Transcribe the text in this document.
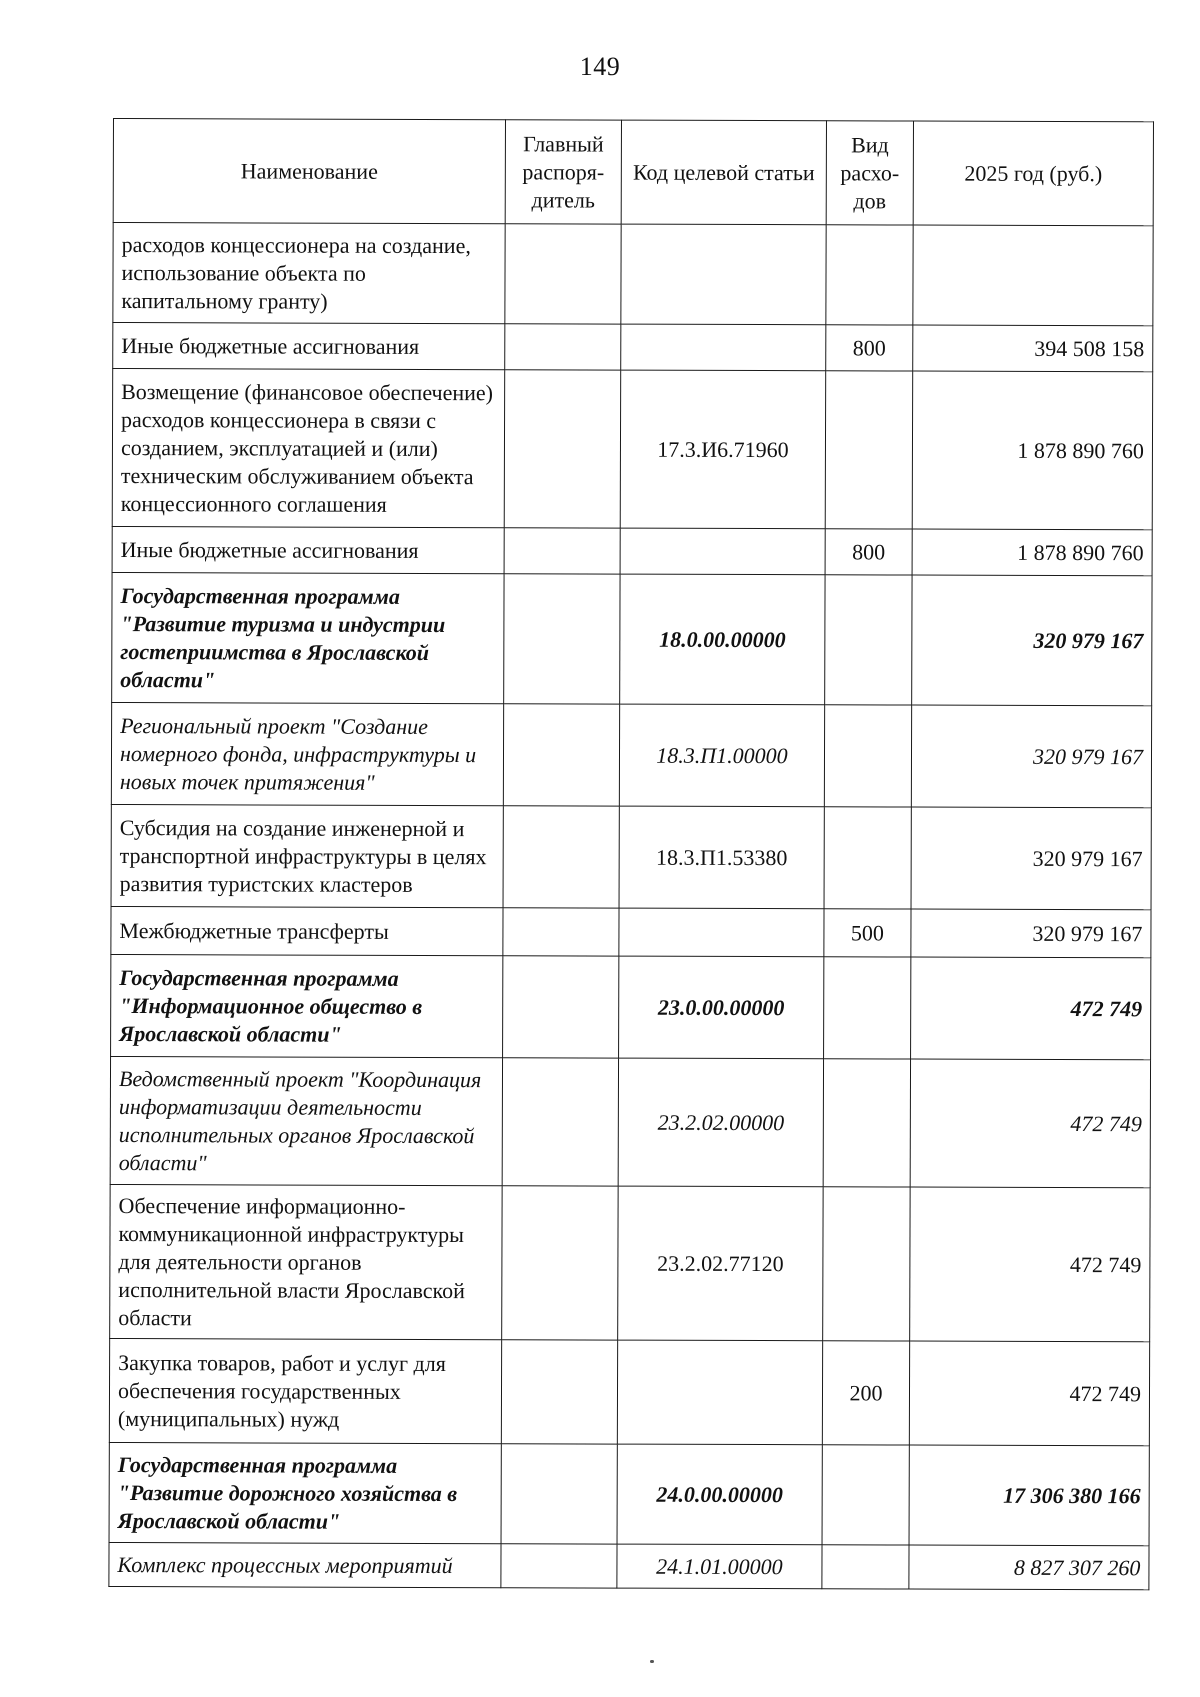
149
Наименование	Главный распоря-дитель	Код целевой статьи	Вид расхо-дов	2025 год (руб.)
расходов концессионера на создание, использование объекта по капитальному гранту)				
Иные бюджетные ассигнования			800	394 508 158
Возмещение (финансовое обеспечение) расходов концессионера в связи с созданием, эксплуатацией и (или) техническим обслуживанием объекта концессионного соглашения		17.3.И6.71960		1 878 890 760
Иные бюджетные ассигнования			800	1 878 890 760
Государственная программа "Развитие туризма и индустрии гостеприимства в Ярославской области"		18.0.00.00000		320 979 167
Региональный проект "Создание номерного фонда, инфраструктуры и новых точек притяжения"		18.3.П1.00000		320 979 167
Субсидия на создание инженерной и транспортной инфраструктуры в целях развития туристских кластеров		18.3.П1.53380		320 979 167
Межбюджетные трансферты			500	320 979 167
Государственная программа "Информационное общество в Ярославской области"		23.0.00.00000		472 749
Ведомственный проект "Координация информатизации деятельности исполнительных органов Ярославской области"		23.2.02.00000		472 749
Обеспечение информационно-коммуникационной инфраструктуры для деятельности органов исполнительной власти Ярославской области		23.2.02.77120		472 749
Закупка товаров, работ и услуг для обеспечения государственных (муниципальных) нужд			200	472 749
Государственная программа "Развитие дорожного хозяйства в Ярославской области"		24.0.00.00000		17 306 380 166
Комплекс процессных мероприятий		24.1.01.00000		8 827 307 260
